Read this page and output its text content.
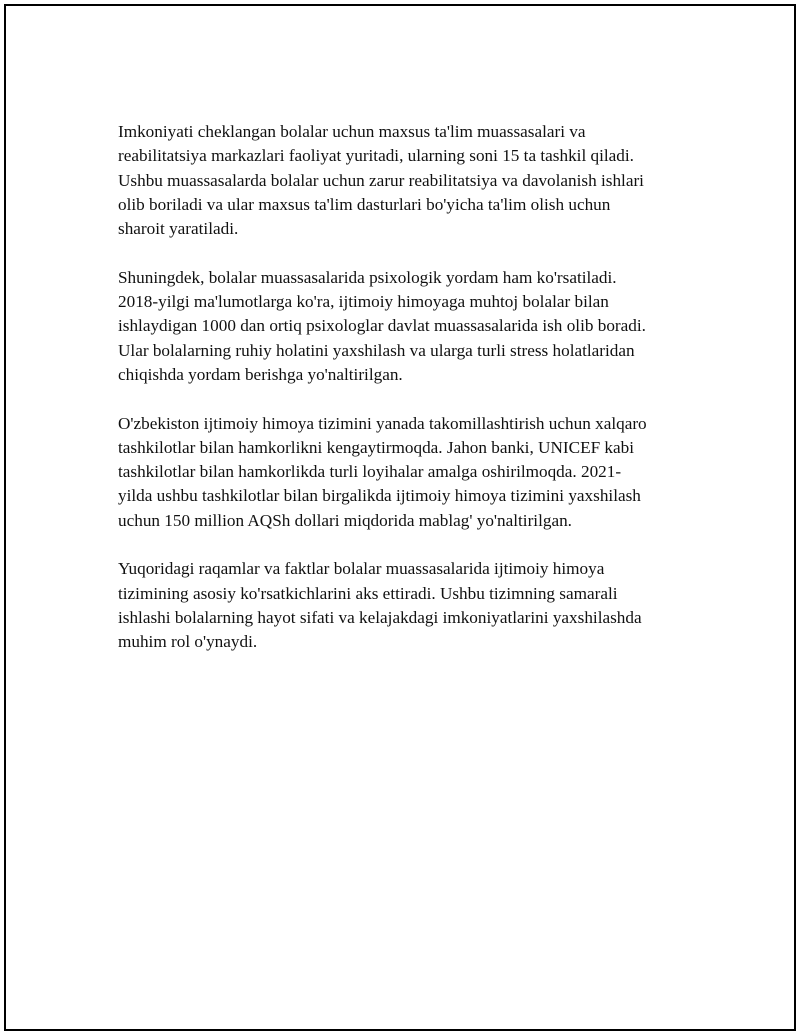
Imkoniyati cheklangan bolalar uchun maxsus ta'lim muassasalari va
reabilitatsiya markazlari faoliyat yuritadi, ularning soni 15 ta tashkil qiladi.
Ushbu muassasalarda bolalar uchun zarur reabilitatsiya va davolanish ishlari
olib boriladi va ular maxsus ta'lim dasturlari bo'yicha ta'lim olish uchun
sharoit yaratiladi.

Shuningdek, bolalar muassasalarida psixologik yordam ham ko'rsatiladi.
2018-yilgi ma'lumotlarga ko'ra, ijtimoiy himoyaga muhtoj bolalar bilan
ishlaydigan 1000 dan ortiq psixologlar davlat muassasalarida ish olib boradi.
Ular bolalarning ruhiy holatini yaxshilash va ularga turli stress holatlaridan
chiqishda yordam berishga yo'naltirilgan.

O'zbekiston ijtimoiy himoya tizimini yanada takomillashtirish uchun xalqaro
tashkilotlar bilan hamkorlikni kengaytirmoqda. Jahon banki, UNICEF kabi
tashkilotlar bilan hamkorlikda turli loyihalar amalga oshirilmoqda. 2021-
yilda ushbu tashkilotlar bilan birgalikda ijtimoiy himoya tizimini yaxshilash
uchun 150 million AQSh dollari miqdorida mablag' yo'naltirilgan.

Yuqoridagi raqamlar va faktlar bolalar muassasalarida ijtimoiy himoya
tizimining asosiy ko'rsatkichlarini aks ettiradi. Ushbu tizimning samarali
ishlashi bolalarning hayot sifati va kelajakdagi imkoniyatlarini yaxshilashda
muhim rol o'ynaydi.
